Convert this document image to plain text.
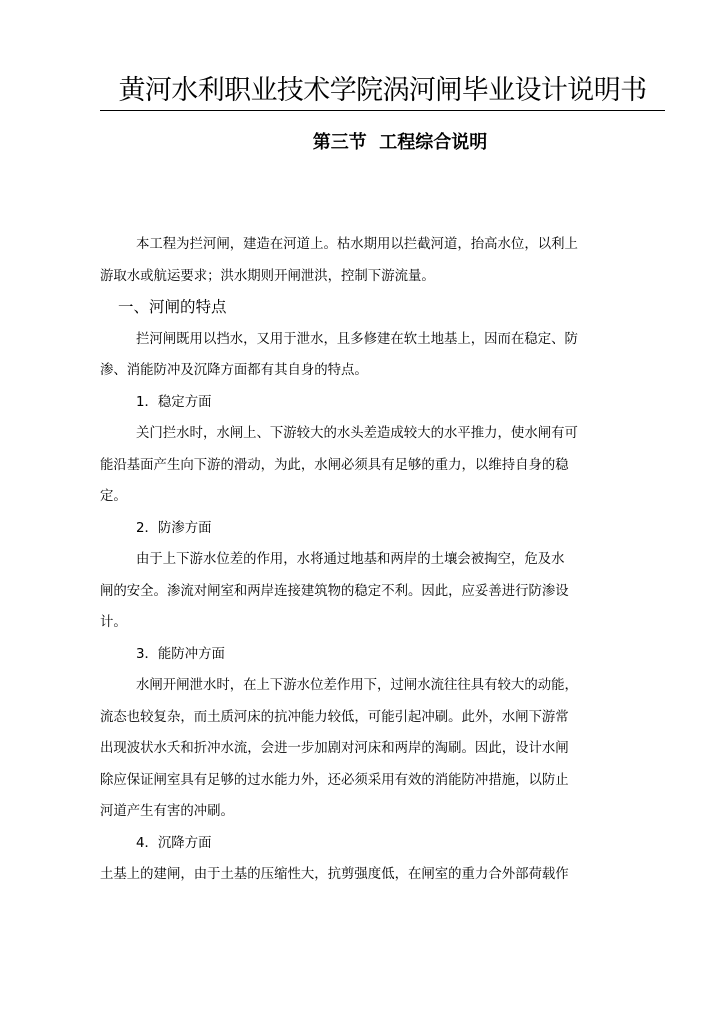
黄河水利职业技术学院涡河闸毕业设计说明书
第三节  工程综合说明
本工程为拦河闸，建造在河道上。枯水期用以拦截河道，抬高水位，以利上
游取水或航运要求；洪水期则开闸泄洪，控制下游流量。
一、河闸的特点
拦河闸既用以挡水，又用于泄水，且多修建在软土地基上，因而在稳定、防
渗、消能防冲及沉降方面都有其自身的特点。
1．稳定方面
关门拦水时，水闸上、下游较大的水头差造成较大的水平推力，使水闸有可
能沿基面产生向下游的滑动，为此，水闸必须具有足够的重力，以维持自身的稳
定。
2．防渗方面
由于上下游水位差的作用，水将通过地基和两岸的土壤会被掏空，危及水
闸的安全。渗流对闸室和两岸连接建筑物的稳定不利。因此，应妥善进行防渗设
计。
3．能防冲方面
水闸开闸泄水时，在上下游水位差作用下，过闸水流往往具有较大的动能，
流态也较复杂，而土质河床的抗冲能力较低，可能引起冲刷。此外，水闸下游常
出现波状水夭和折冲水流，会进一步加剧对河床和两岸的淘刷。因此，设计水闸
除应保证闸室具有足够的过水能力外，还必须采用有效的消能防冲措施，以防止
河道产生有害的冲刷。
4．沉降方面
土基上的建闸，由于土基的压缩性大，抗剪强度低，在闸室的重力合外部荷载作
